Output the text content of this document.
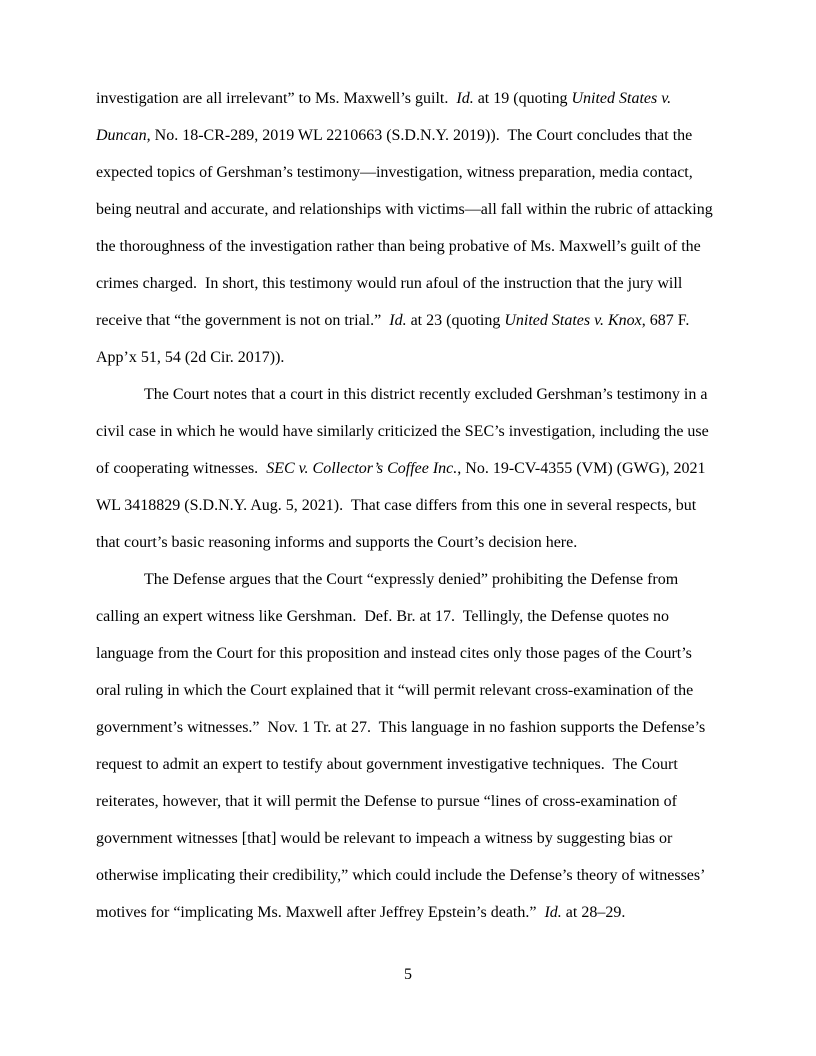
investigation are all irrelevant” to Ms. Maxwell’s guilt.  Id. at 19 (quoting United States v. Duncan, No. 18-CR-289, 2019 WL 2210663 (S.D.N.Y. 2019)).  The Court concludes that the expected topics of Gershman’s testimony—investigation, witness preparation, media contact, being neutral and accurate, and relationships with victims—all fall within the rubric of attacking the thoroughness of the investigation rather than being probative of Ms. Maxwell’s guilt of the crimes charged.  In short, this testimony would run afoul of the instruction that the jury will receive that “the government is not on trial.”  Id. at 23 (quoting United States v. Knox, 687 F. App’x 51, 54 (2d Cir. 2017)).

The Court notes that a court in this district recently excluded Gershman’s testimony in a civil case in which he would have similarly criticized the SEC’s investigation, including the use of cooperating witnesses.  SEC v. Collector’s Coffee Inc., No. 19-CV-4355 (VM) (GWG), 2021 WL 3418829 (S.D.N.Y. Aug. 5, 2021).  That case differs from this one in several respects, but that court’s basic reasoning informs and supports the Court’s decision here.

The Defense argues that the Court “expressly denied” prohibiting the Defense from calling an expert witness like Gershman.  Def. Br. at 17.  Tellingly, the Defense quotes no language from the Court for this proposition and instead cites only those pages of the Court’s oral ruling in which the Court explained that it “will permit relevant cross-examination of the government’s witnesses.”  Nov. 1 Tr. at 27.  This language in no fashion supports the Defense’s request to admit an expert to testify about government investigative techniques.  The Court reiterates, however, that it will permit the Defense to pursue “lines of cross-examination of government witnesses [that] would be relevant to impeach a witness by suggesting bias or otherwise implicating their credibility,” which could include the Defense’s theory of witnesses’ motives for “implicating Ms. Maxwell after Jeffrey Epstein’s death.”  Id. at 28–29.

5
